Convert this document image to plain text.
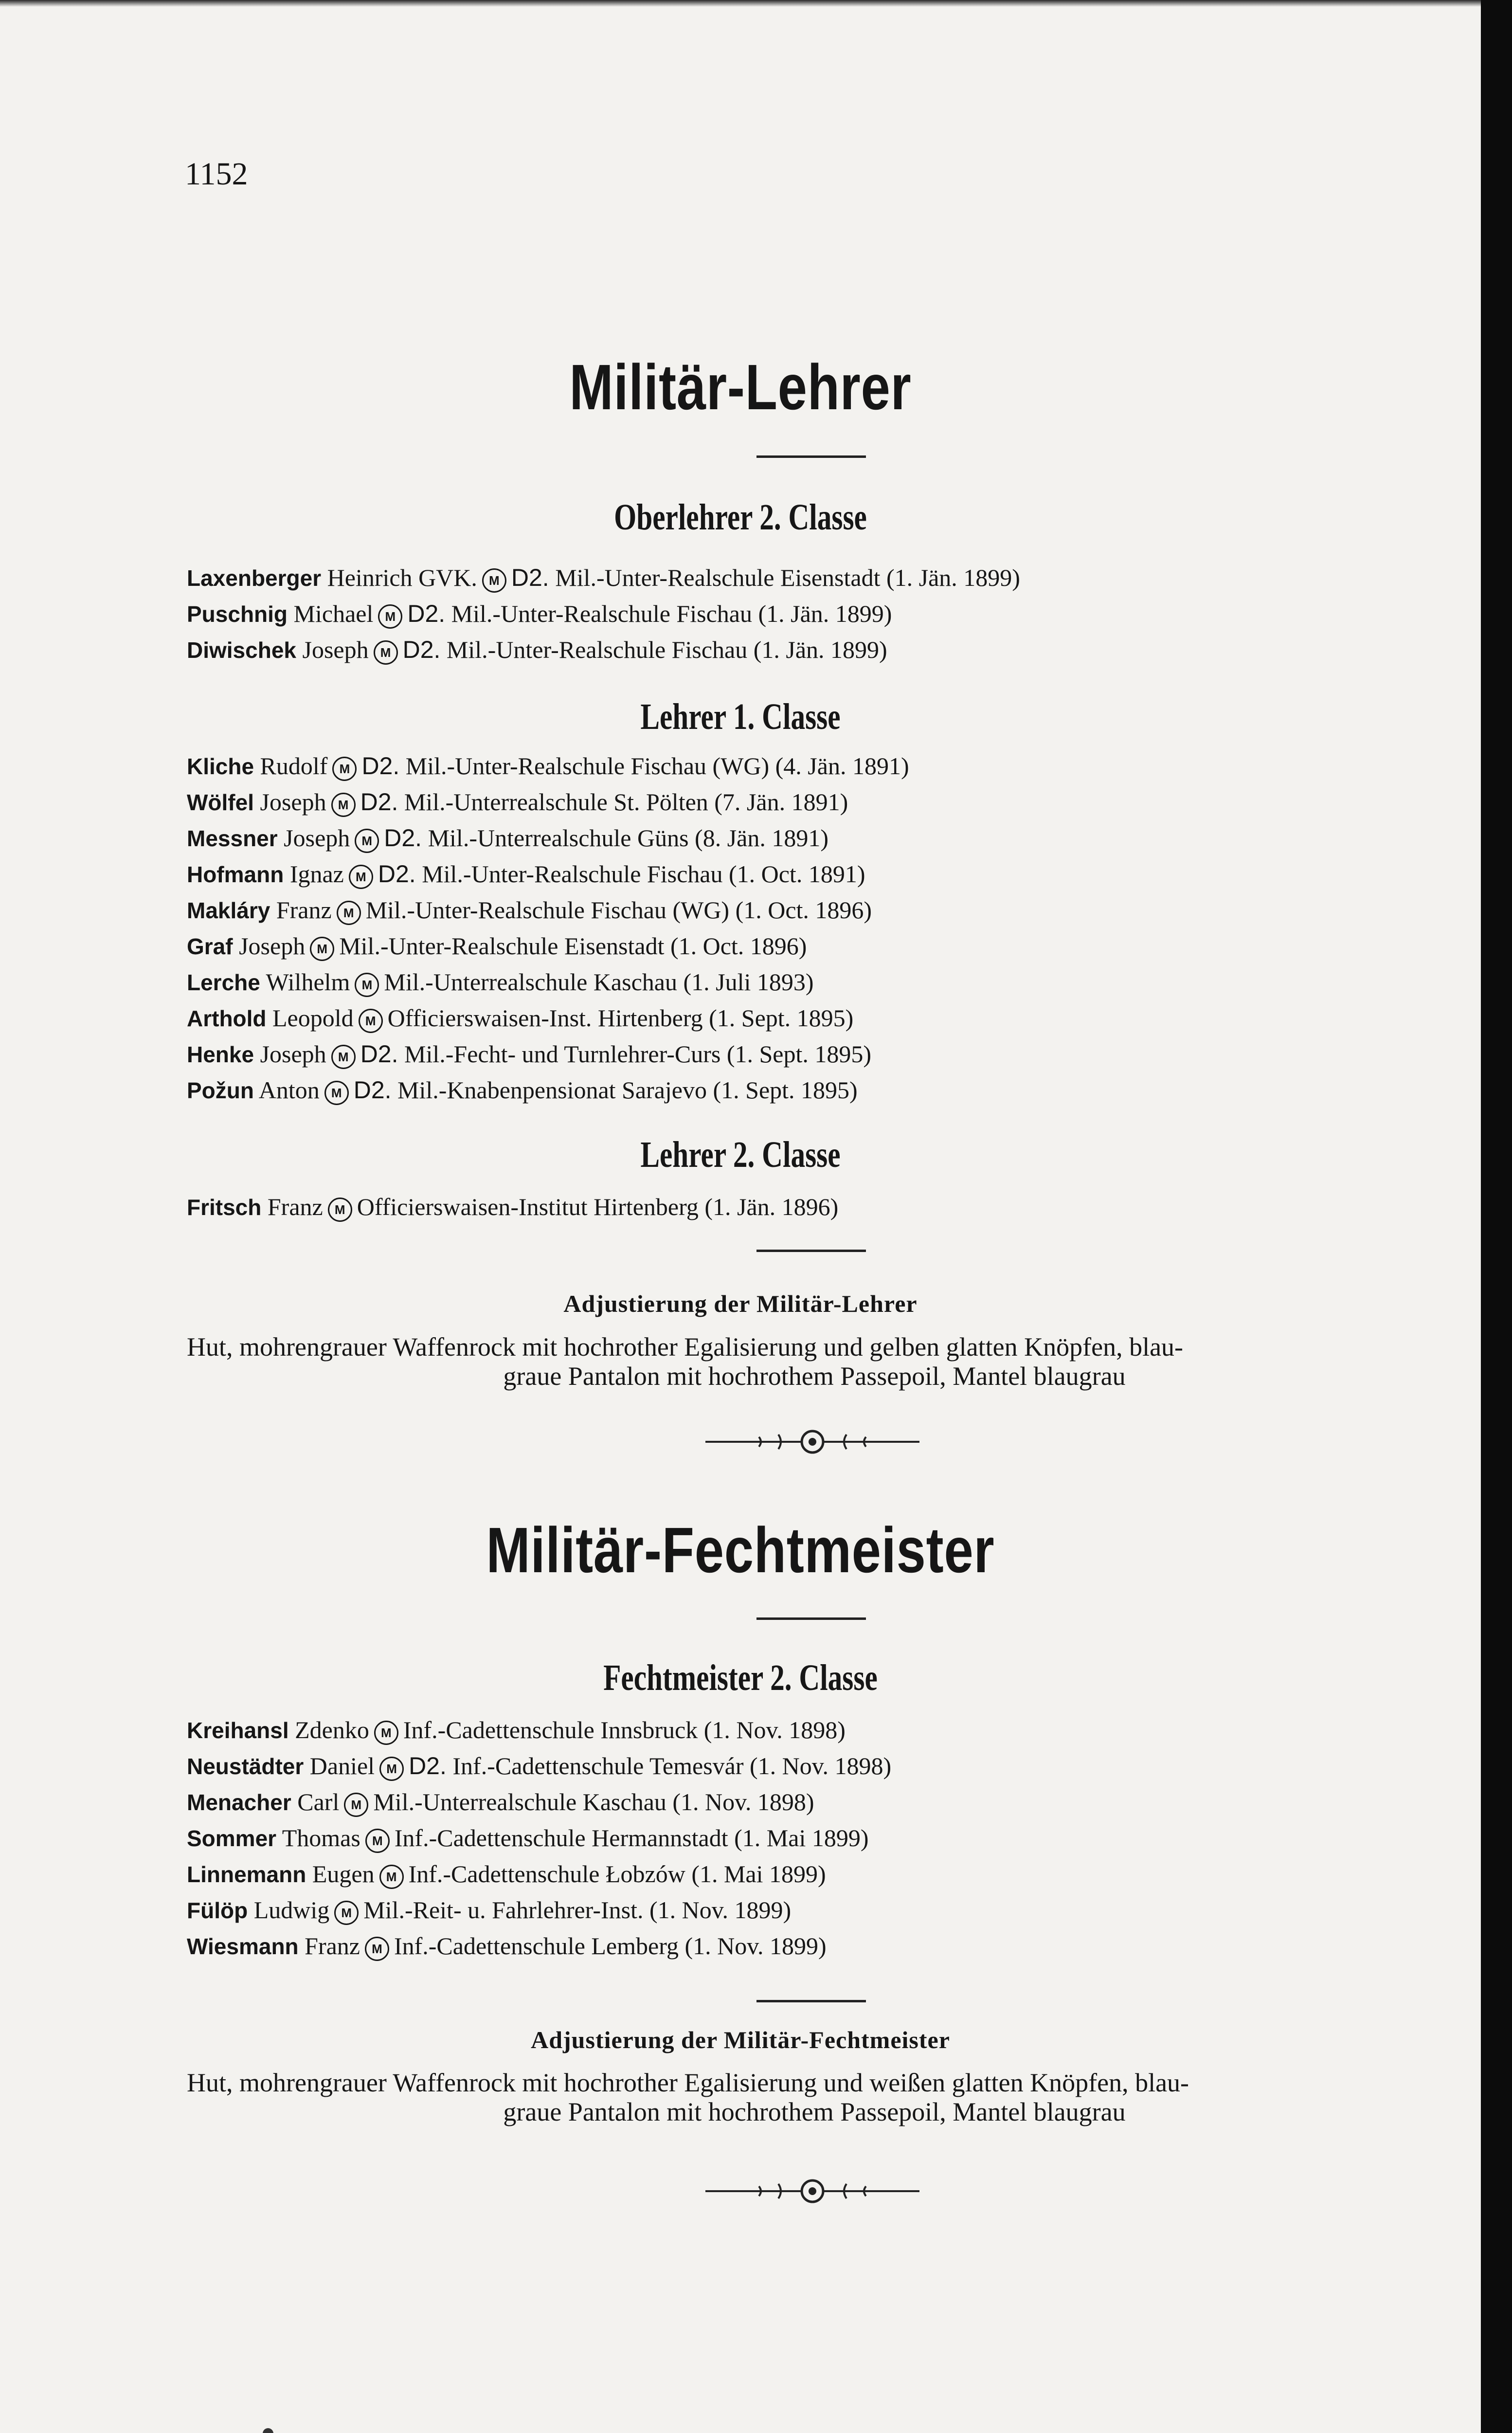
1152
Militär-Lehrer
Oberlehrer 2. Classe
Laxenberger Heinrich GVK. M D2. Mil.-Unter-Realschule Eisenstadt (1. Jän. 1899)
Puschnig Michael M D2. Mil.-Unter-Realschule Fischau (1. Jän. 1899)
Diwischek Joseph M D2. Mil.-Unter-Realschule Fischau (1. Jän. 1899)
Lehrer 1. Classe
Kliche Rudolf M D2. Mil.-Unter-Realschule Fischau (WG) (4. Jän. 1891)
Wölfel Joseph M D2. Mil.-Unterrealschule St. Pölten (7. Jän. 1891)
Messner Joseph M D2. Mil.-Unterrealschule Güns (8. Jän. 1891)
Hofmann Ignaz M D2. Mil.-Unter-Realschule Fischau (1. Oct. 1891)
Makláry Franz M Mil.-Unter-Realschule Fischau (WG) (1. Oct. 1896)
Graf Joseph M Mil.-Unter-Realschule Eisenstadt (1. Oct. 1896)
Lerche Wilhelm M Mil.-Unterrealschule Kaschau (1. Juli 1893)
Arthold Leopold M Officierswaisen-Inst. Hirtenberg (1. Sept. 1895)
Henke Joseph M D2. Mil.-Fecht- und Turnlehrer-Curs (1. Sept. 1895)
Požun Anton M D2. Mil.-Knabenpensionat Sarajevo (1. Sept. 1895)
Lehrer 2. Classe
Fritsch Franz M Officierswaisen-Institut Hirtenberg (1. Jän. 1896)
Adjustierung der Militär-Lehrer
Hut, mohrengrauer Waffenrock mit hochrother Egalisierung und gelben glatten Knöpfen, blau-
graue Pantalon mit hochrothem Passepoil, Mantel blaugrau
Militär-Fechtmeister
Fechtmeister 2. Classe
Kreihansl Zdenko M Inf.-Cadettenschule Innsbruck (1. Nov. 1898)
Neustädter Daniel M D2. Inf.-Cadettenschule Temesvár (1. Nov. 1898)
Menacher Carl M Mil.-Unterrealschule Kaschau (1. Nov. 1898)
Sommer Thomas M Inf.-Cadettenschule Hermannstadt (1. Mai 1899)
Linnemann Eugen M Inf.-Cadettenschule Łobzów (1. Mai 1899)
Fülöp Ludwig M Mil.-Reit- u. Fahrlehrer-Inst. (1. Nov. 1899)
Wiesmann Franz M Inf.-Cadettenschule Lemberg (1. Nov. 1899)
Adjustierung der Militär-Fechtmeister
Hut, mohrengrauer Waffenrock mit hochrother Egalisierung und weißen glatten Knöpfen, blau-
graue Pantalon mit hochrothem Passepoil, Mantel blaugrau
